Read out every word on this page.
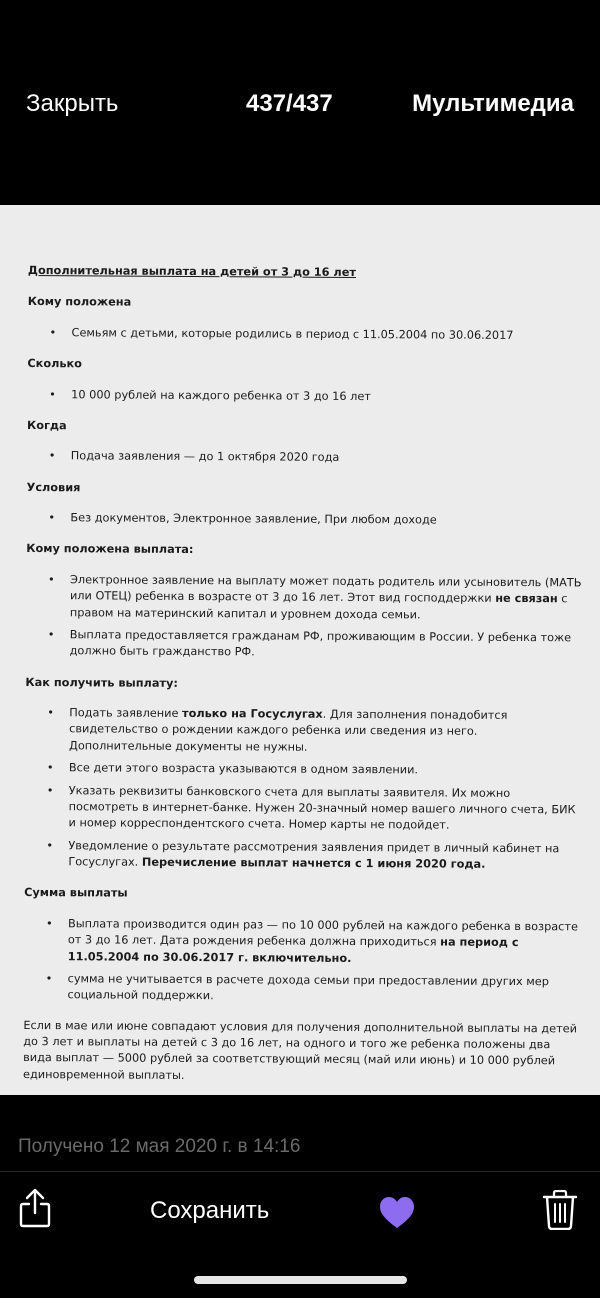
Закрыть	437/437	Мультимедиа
Дополнительная выплата на детей от 3 до 16 лет
Кому положена
• Семьям с детьми, которые родились в период с 11.05.2004 по 30.06.2017
Сколько
• 10 000 рублей на каждого ребенка от 3 до 16 лет
Когда
• Подача заявления — до 1 октября 2020 года
Условия
• Без документов, Электронное заявление, При любом доходе
Кому положена выплата:
• Электронное заявление на выплату может подать родитель или усыновитель (МАТЬ или ОТЕЦ) ребенка в возрасте от 3 до 16 лет. Этот вид господдержки не связан с правом на материнский капитал и уровнем дохода семьи.
• Выплата предоставляется гражданам РФ, проживающим в России. У ребенка тоже должно быть гражданство РФ.
Как получить выплату:
• Подать заявление только на Госуслугах. Для заполнения понадобится свидетельство о рождении каждого ребенка или сведения из него. Дополнительные документы не нужны.
• Все дети этого возраста указываются в одном заявлении.
• Указать реквизиты банковского счета для выплаты заявителя. Их можно посмотреть в интернет-банке. Нужен 20-значный номер вашего личного счета, БИК и номер корреспондентского счета. Номер карты не подойдет.
• Уведомление о результате рассмотрения заявления придет в личный кабинет на Госуслугах. Перечисление выплат начнется с 1 июня 2020 года.
Сумма выплаты
• Выплата производится один раз — по 10 000 рублей на каждого ребенка в возрасте от 3 до 16 лет. Дата рождения ребенка должна приходиться на период с 11.05.2004 по 30.06.2017 г. включительно.
• сумма не учитывается в расчете дохода семьи при предоставлении других мер социальной поддержки.
Если в мае или июне совпадают условия для получения дополнительной выплаты на детей до 3 лет и выплаты на детей с 3 до 16 лет, на одного и того же ребенка положены два вида выплат — 5000 рублей за соответствующий месяц (май или июнь) и 10 000 рублей единовременной выплаты.
Получено 12 мая 2020 г. в 14:16
Сохранить
